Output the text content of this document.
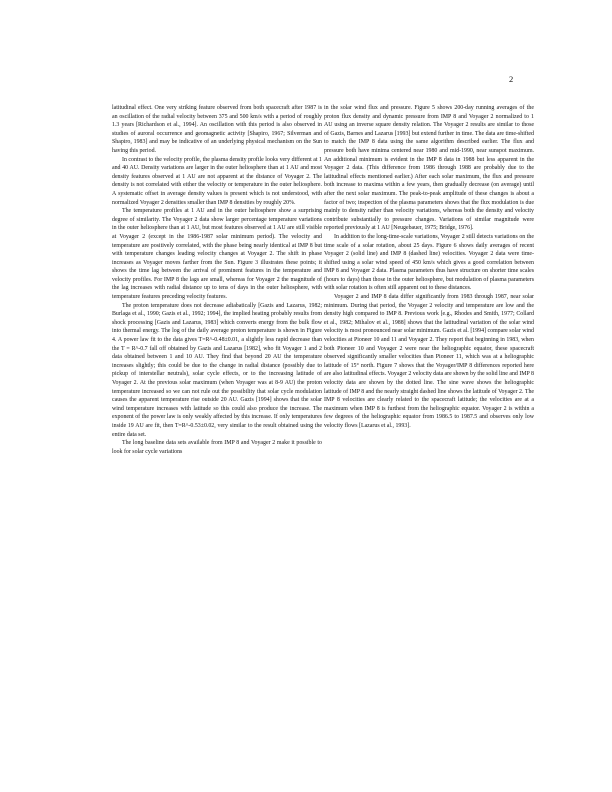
2

latitudinal effect. One very striking feature observed from both spacecraft after 1987 is an oscillation of the radial velocity between 375 and 500 km/s with a period of roughly 1.3 years [Richardson et al., 1994]. An oscillation with this period is also observed in studies of auroral occurrence and geomagnetic activity [Shapiro, 1967; Silverman and Shapiro, 1983] and may be indicative of an underlying physical mechanism on the Sun having this period.

In contrast to the velocity profile, the plasma density profile looks very different at 1 and 40 AU. Density variations are larger in the outer heliosphere than at 1 AU and most density features observed at 1 AU are not apparent at the distance of Voyager 2. The density is not correlated with either the velocity or temperature in the outer heliosphere. A systematic offset in average density values is present which is not understood, with normalized Voyager 2 densities smaller than IMP 8 densities by roughly 20%.

The temperature profiles at 1 AU and in the outer heliosphere show a surprising degree of similarity. The Voyager 2 data show larger percentage temperature variations in the outer heliosphere than at 1 AU, but most features observed at 1 AU are still visible at Voyager 2 (except in the 1986-1987 solar minimum period). The velocity and temperature are positively correlated, with the phase being nearly identical at IMP 8 but with temperature changes leading velocity changes at Voyager 2. The shift in phase increases as Voyager moves farther from the Sun. Figure 3 illustrates these points; it shows the time lag between the arrival of prominent features in the temperature and velocity profiles. For IMP 8 the lags are small, whereas for Voyager 2 the magnitude of the lag increases with radial distance up to tens of days in the outer heliosphere, with temperature features preceding velocity features.

The proton temperature does not decrease adiabatically [Gazis and Lazarus, 1982; Burlaga et al., 1990; Gazis et al., 1992; 1994], the implied heating probably results from shock processing [Gazis and Lazarus, 1983] which converts energy from the bulk flow into thermal energy. The log of the daily average proton temperature is shown in Figure 4. A power law fit to the data gives T=R^-0.48±0.01, a slightly less rapid decrease than the T = R^-0.7 fall off obtained by Gazis and Lazarus [1982], who fit Voyager 1 and 2 data obtained between 1 and 10 AU. They find that beyond 20 AU the temperature increases slightly; this could be due to the change in radial distance (possibly due to pickup of interstellar neutrals), solar cycle effects, or to the increasing latitude of Voyager 2. At the previous solar maximum (when Voyager was at 8-9 AU) the proton temperature increased so we can not rule out the possibility that solar cycle modulation causes the apparent temperature rise outside 20 AU. Gazis [1994] shows that the solar wind temperature increases with latitude so this could also produce the increase. The exponent of the power law is only weakly affected by this increase. If only temperatures inside 19 AU are fit, then T=R^-0.53±0.02, very similar to the result obtained using the entire data set.

The long baseline data sets available from IMP 8 and Voyager 2 make it possible to look for solar cycle variations

in the solar wind flux and pressure. Figure 5 shows 200-day running averages of the proton flux density and dynamic pressure from IMP 8 and Voyager 2 normalized to 1 AU using an inverse square density relation. The Voyager 2 results are similar to those of Gazis, Barnes and Lazarus [1993] but extend further in time. The data are time-shifted to match the IMP 8 data using the same algorithm described earlier. The flux and pressure both have minima centered near 1980 and mid-1990, near sunspot maximum. An additional minimum is evident in the IMP 8 data in 1988 but less apparent in the Voyager 2 data. (This difference from 1986 through 1988 are probably due to the latitudinal effects mentioned earlier.) After each solar maximum, the flux and pressure both increase to maxima within a few years, then gradually decrease (on average) until after the next solar maximum. The peak-to-peak amplitude of these changes is about a factor of two; inspection of the plasma parameters shows that the flux modulation is due mainly to density rather than velocity variations, whereas both the density and velocity contribute substantially to pressure changes. Variations of similar magnitude were reported previously at 1 AU [Neugebauer, 1975; Bridge, 1976].

In addition to the long-time-scale variations, Voyager 2 still detects variations on the time scale of a solar rotation, about 25 days. Figure 6 shows daily averages of recent Voyager 2 (solid line) and IMP 8 (dashed line) velocities. Voyager 2 data were time-shifted using a solar wind speed of 450 km/s which gives a good correlation between IMP 8 and Voyager 2 data. Plasma parameters thus have structure on shorter time scales (hours to days) than those in the outer heliosphere, but modulation of plasma parameters with solar rotation is often still apparent out to these distances.

Voyager 2 and IMP 8 data differ significantly from 1983 through 1987, near solar minimum. During that period, the Voyager 2 velocity and temperature are low and the density high compared to IMP 8. Previous work [e.g., Rhodes and Smith, 1977; Collard et al., 1982; Mihalov et al., 1988] shows that the latitudinal variation of the solar wind velocity is most pronounced near solar minimum. Gazis et al. [1994] compare solar wind velocities at Pioneer 10 and 11 and Voyager 2. They report that beginning in 1983, when both Pioneer 10 and Voyager 2 were near the heliographic equator, these spacecraft observed significantly smaller velocities than Pioneer 11, which was at a heliographic latitude of 15° north. Figure 7 shows that the Voyager/IMP 8 differences reported here are also latitudinal effects. Voyager 2 velocity data are shown by the solid line and IMP 8 velocity data are shown by the dotted line. The sine wave shows the heliographic latitude of IMP 8 and the nearly straight dashed line shows the latitude of Voyager 2. The IMP 8 velocities are clearly related to the spacecraft latitude; the velocities are at a maximum when IMP 8 is furthest from the heliographic equator. Voyager 2 is within a few degrees of the heliographic equator from 1986.5 to 1987.5 and observes only low velocity flows [Lazarus et al., 1993].
